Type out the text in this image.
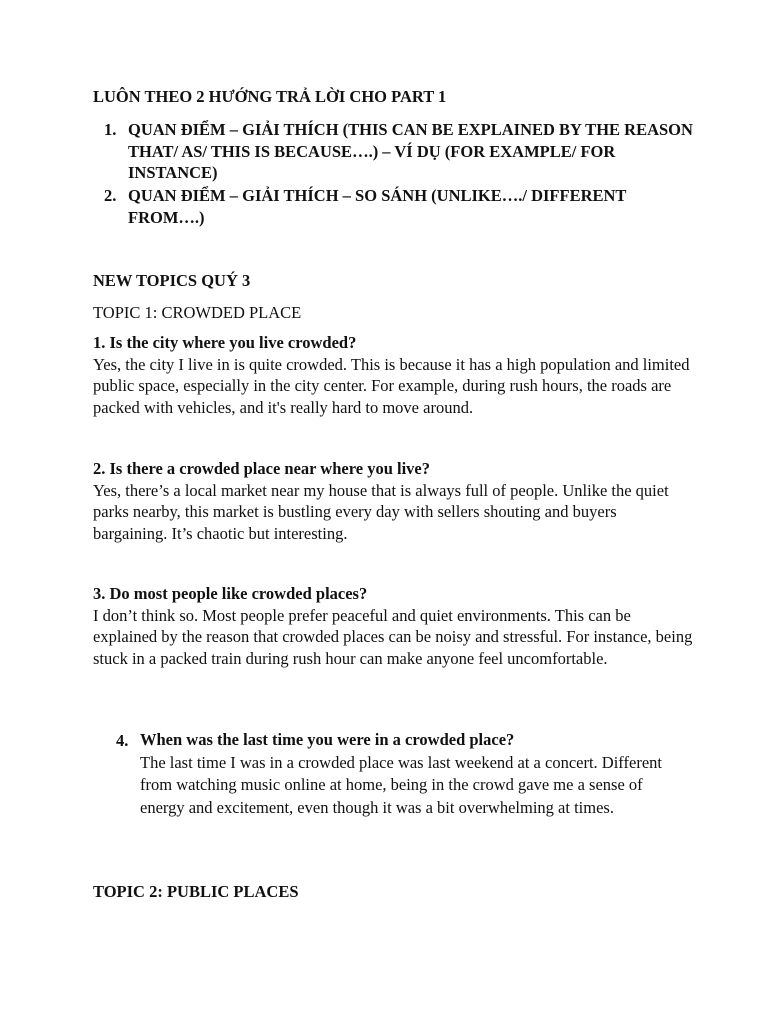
LUÔN THEO 2 HƯỚNG TRẢ LỜI CHO PART 1
1. QUAN ĐIỂM – GIẢI THÍCH (THIS CAN BE EXPLAINED BY THE REASON THAT/ AS/ THIS IS BECAUSE….) – VÍ DỤ (FOR EXAMPLE/ FOR INSTANCE)
2. QUAN ĐIỂM – GIẢI THÍCH – SO SÁNH (UNLIKE…./ DIFFERENT FROM….)
NEW TOPICS QUÝ 3
TOPIC 1: CROWDED PLACE
1. Is the city where you live crowded?
Yes, the city I live in is quite crowded. This is because it has a high population and limited public space, especially in the city center. For example, during rush hours, the roads are packed with vehicles, and it's really hard to move around.
2. Is there a crowded place near where you live?
Yes, there’s a local market near my house that is always full of people. Unlike the quiet parks nearby, this market is bustling every day with sellers shouting and buyers bargaining. It’s chaotic but interesting.
3. Do most people like crowded places?
I don’t think so. Most people prefer peaceful and quiet environments. This can be explained by the reason that crowded places can be noisy and stressful. For instance, being stuck in a packed train during rush hour can make anyone feel uncomfortable.
4. When was the last time you were in a crowded place?
The last time I was in a crowded place was last weekend at a concert. Different from watching music online at home, being in the crowd gave me a sense of energy and excitement, even though it was a bit overwhelming at times.
TOPIC 2: PUBLIC PLACES
